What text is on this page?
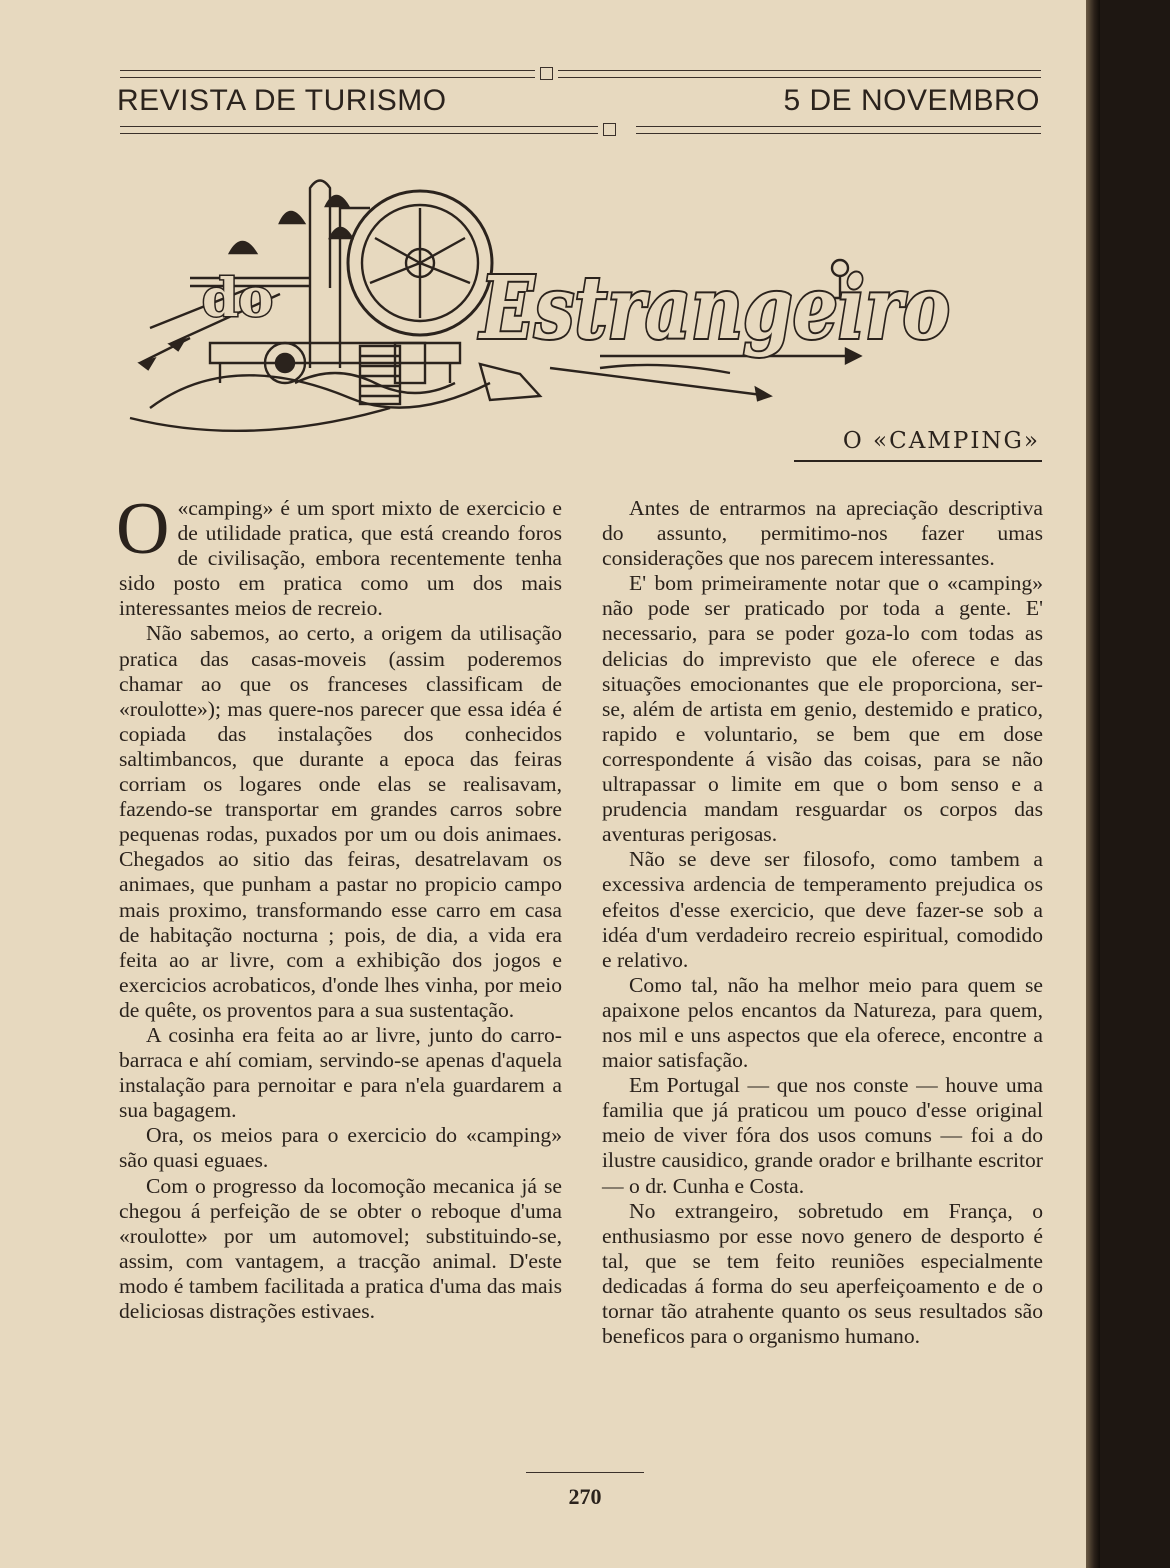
REVISTA DE TURISMO	5 DE NOVEMBRO
do Estrangeiro
O «CAMPING»

O «camping» é um sport mixto de exercicio e de utilidade pratica, que está creando foros de civilisação, embora recentemente tenha sido posto em pratica como um dos mais interessantes meios de recreio.

Não sabemos, ao certo, a origem da utilisação pratica das casas-moveis (assim poderemos chamar ao que os franceses classificam de «roulotte»); mas quere-nos parecer que essa idéa é copiada das instalações dos conhecidos saltimbancos, que durante a epoca das feiras corriam os logares onde elas se realisavam, fazendo-se transportar em grandes carros sobre pequenas rodas, puxados por um ou dois animaes. Chegados ao sitio das feiras, desatrelavam os animaes, que punham a pastar no propicio campo mais proximo, transformando esse carro em casa de habitação nocturna ; pois, de dia, a vida era feita ao ar livre, com a exhibição dos jogos e exercicios acrobaticos, d'onde lhes vinha, por meio de quête, os proventos para a sua sustentação.

A cosinha era feita ao ar livre, junto do carro-barraca e ahí comiam, servindo-se apenas d'aquela instalação para pernoitar e para n'ela guardarem a sua bagagem.

Ora, os meios para o exercicio do «camping» são quasi eguaes.

Com o progresso da locomoção mecanica já se chegou á perfeição de se obter o reboque d'uma «roulotte» por um automovel; substituindo-se, assim, com vantagem, a tracção animal. D'este modo é tambem facilitada a pratica d'uma das mais deliciosas distrações estivaes.

Antes de entrarmos na apreciação descriptiva do assunto, permitimo-nos fazer umas considerações que nos parecem interessantes.

E' bom primeiramente notar que o «camping» não pode ser praticado por toda a gente. E' necessario, para se poder goza-lo com todas as delicias do imprevisto que ele oferece e das situações emocionantes que ele proporciona, ser-se, além de artista em genio, destemido e pratico, rapido e voluntario, se bem que em dose correspondente á visão das coisas, para se não ultrapassar o limite em que o bom senso e a prudencia mandam resguardar os corpos das aventuras perigosas.

Não se deve ser filosofo, como tambem a excessiva ardencia de temperamento prejudica os efeitos d'esse exercicio, que deve fazer-se sob a idéa d'um verdadeiro recreio espiritual, comodido e relativo.

Como tal, não ha melhor meio para quem se apaixone pelos encantos da Natureza, para quem, nos mil e uns aspectos que ela oferece, encontre a maior satisfação.

Em Portugal — que nos conste — houve uma familia que já praticou um pouco d'esse original meio de viver fóra dos usos comuns — foi a do ilustre causidico, grande orador e brilhante escritor — o dr. Cunha e Costa.

No extrangeiro, sobretudo em França, o enthusiasmo por esse novo genero de desporto é tal, que se tem feito reuniões especialmente dedicadas á forma do seu aperfeiçoamento e de o tornar tão atrahente quanto os seus resultados são beneficos para o organismo humano.

270
